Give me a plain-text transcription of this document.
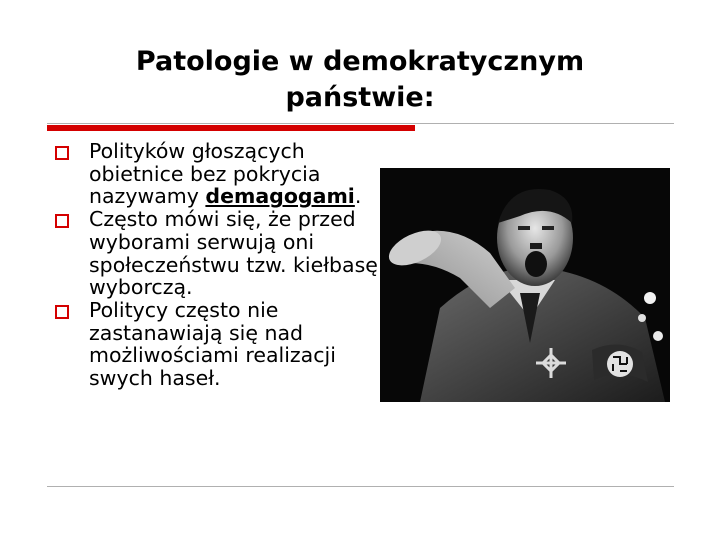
Patologie w demokratycznym państwie:
Polityków głoszących obietnice bez pokrycia nazywamy demagogami.
Często mówi się, że przed wyborami serwują oni społeczeństwu tzw. kiełbasę wyborczą.
Politycy często nie zastanawiają się nad możliwościami realizacji swych haseł.
